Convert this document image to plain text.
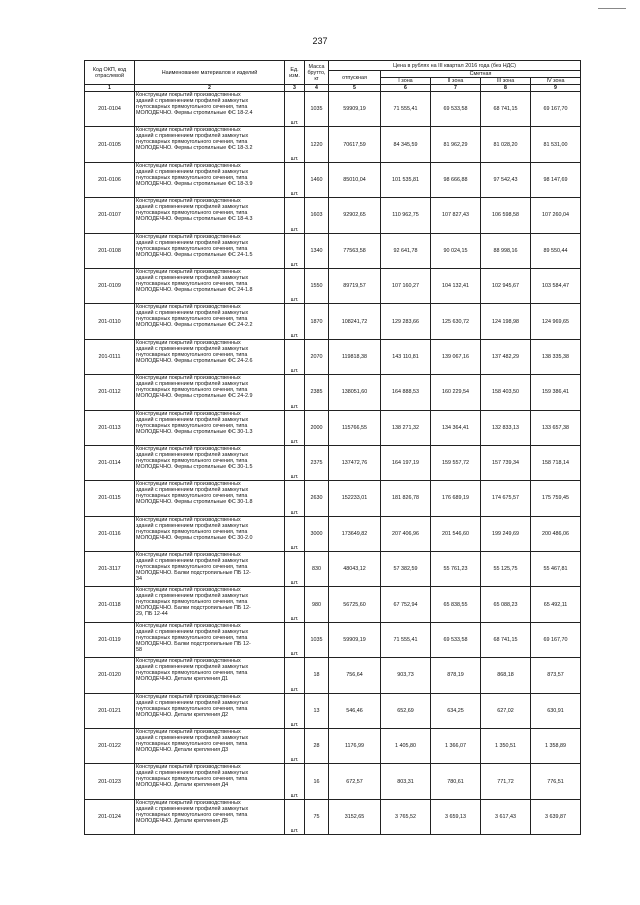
237
Код ОКП, код отраслевой	Наименование материалов и изделий	Ед. изм.	Масса брутто, кг	Цена в рублях на III квартал 2016 года (без НДС)				
				отпускная	Сметная			
					I зона	II зона	III зона	IV зона
1	2	3	4	5	6	7	8	9
201-0104	Конструкции покрытий производственных
зданий с применением профилей замкнутых
гнутосварных прямоугольного сечения, типа
МОЛОДЕЧНО. Фермы стропильные ФС 18-2.4	шт.	1035	59909,19	71 555,41	69 533,58	68 741,15	69 167,70
201-0105	Конструкции покрытий производственных
зданий с применением профилей замкнутых
гнутосварных прямоугольного сечения, типа
МОЛОДЕЧНО. Фермы стропильные ФС 18-3.2	шт.	1220	70617,59	84 345,59	81 962,29	81 028,20	81 531,00
201-0106	Конструкции покрытий производственных
зданий с применением профилей замкнутых
гнутосварных прямоугольного сечения, типа
МОЛОДЕЧНО. Фермы стропильные ФС 18-3.9	шт.	1460	85010,04	101 535,81	98 666,88	97 542,43	98 147,69
201-0107	Конструкции покрытий производственных
зданий с применением профилей замкнутых
гнутосварных прямоугольного сечения, типа
МОЛОДЕЧНО. Фермы стропильные ФС 18-4.3	шт.	1603	92902,65	110 962,75	107 827,43	106 598,58	107 260,04
201-0108	Конструкции покрытий производственных
зданий с применением профилей замкнутых
гнутосварных прямоугольного сечения, типа
МОЛОДЕЧНО. Фермы стропильные ФС 24-1.5	шт.	1340	77563,58	92 641,78	90 024,15	88 998,16	89 550,44
201-0109	Конструкции покрытий производственных
зданий с применением профилей замкнутых
гнутосварных прямоугольного сечения, типа
МОЛОДЕЧНО. Фермы стропильные ФС 24-1.8	шт.	1550	89719,57	107 160,27	104 132,41	102 945,67	103 584,47
201-0110	Конструкции покрытий производственных
зданий с применением профилей замкнутых
гнутосварных прямоугольного сечения, типа
МОЛОДЕЧНО. Фермы стропильные ФС 24-2.2	шт.	1870	108241,72	129 283,66	125 630,72	124 198,98	124 969,65
201-0111	Конструкции покрытий производственных
зданий с применением профилей замкнутых
гнутосварных прямоугольного сечения, типа
МОЛОДЕЧНО. Фермы стропильные ФС 24-2.6	шт.	2070	119818,38	143 110,81	139 067,16	137 482,29	138 335,38
201-0112	Конструкции покрытий производственных
зданий с применением профилей замкнутых
гнутосварных прямоугольного сечения, типа
МОЛОДЕЧНО. Фермы стропильные ФС 24-2.9	шт.	2385	138051,60	164 888,53	160 229,54	158 403,50	159 386,41
201-0113	Конструкции покрытий производственных
зданий с применением профилей замкнутых
гнутосварных прямоугольного сечения, типа
МОЛОДЕЧНО. Фермы стропильные ФС 30-1.3	шт.	2000	115766,55	138 271,32	134 364,41	132 833,13	133 657,38
201-0114	Конструкции покрытий производственных
зданий с применением профилей замкнутых
гнутосварных прямоугольного сечения, типа
МОЛОДЕЧНО. Фермы стропильные ФС 30-1.5	шт.	2375	137472,76	164 197,19	159 557,72	157 739,34	158 718,14
201-0115	Конструкции покрытий производственных
зданий с применением профилей замкнутых
гнутосварных прямоугольного сечения, типа
МОЛОДЕЧНО. Фермы стропильные ФС 30-1.8	шт.	2630	152233,01	181 826,78	176 689,19	174 675,57	175 759,45
201-0116	Конструкции покрытий производственных
зданий с применением профилей замкнутых
гнутосварных прямоугольного сечения, типа
МОЛОДЕЧНО. Фермы стропильные ФС 30-2.0	шт.	3000	173649,82	207 406,96	201 546,60	199 249,69	200 486,06
201-3117	Конструкции покрытий производственных
зданий с применением профилей замкнутых
гнутосварных прямоугольного сечения, типа
МОЛОДЕЧНО. Балки подстропильные ПБ 12-
34	шт.	830	48043,12	57 382,59	55 761,23	55 125,75	55 467,81
201-0118	Конструкции покрытий производственных
зданий с применением профилей замкнутых
гнутосварных прямоугольного сечения, типа
МОЛОДЕЧНО. Балки подстропильные ПБ 12-
29, ПБ 12-44	шт.	980	56725,60	67 752,94	65 838,55	65 088,23	65 492,11
201-0119	Конструкции покрытий производственных
зданий с применением профилей замкнутых
гнутосварных прямоугольного сечения, типа
МОЛОДЕЧНО. Балки подстропильные ПБ 12-
58	шт.	1035	59909,19	71 555,41	69 533,58	68 741,15	69 167,70
201-0120	Конструкции покрытий производственных
зданий с применением профилей замкнутых
гнутосварных прямоугольного сечения, типа
МОЛОДЕЧНО. Детали крепления Д1	шт.	18	756,64	903,73	878,19	868,18	873,57
201-0121	Конструкции покрытий производственных
зданий с применением профилей замкнутых
гнутосварных прямоугольного сечения, типа
МОЛОДЕЧНО. Детали крепления Д2	шт.	13	546,46	652,69	634,25	627,02	630,91
201-0122	Конструкции покрытий производственных
зданий с применением профилей замкнутых
гнутосварных прямоугольного сечения, типа
МОЛОДЕЧНО. Детали крепления Д3	шт.	28	1176,99	1 405,80	1 366,07	1 350,51	1 358,89
201-0123	Конструкции покрытий производственных
зданий с применением профилей замкнутых
гнутосварных прямоугольного сечения, типа
МОЛОДЕЧНО. Детали крепления Д4	шт.	16	672,57	803,31	780,61	771,72	776,51
201-0124	Конструкции покрытий производственных
зданий с применением профилей замкнутых
гнутосварных прямоугольного сечения, типа
МОЛОДЕЧНО. Детали крепления Д5	шт.	75	3152,65	3 765,52	3 659,13	3 617,43	3 639,87
